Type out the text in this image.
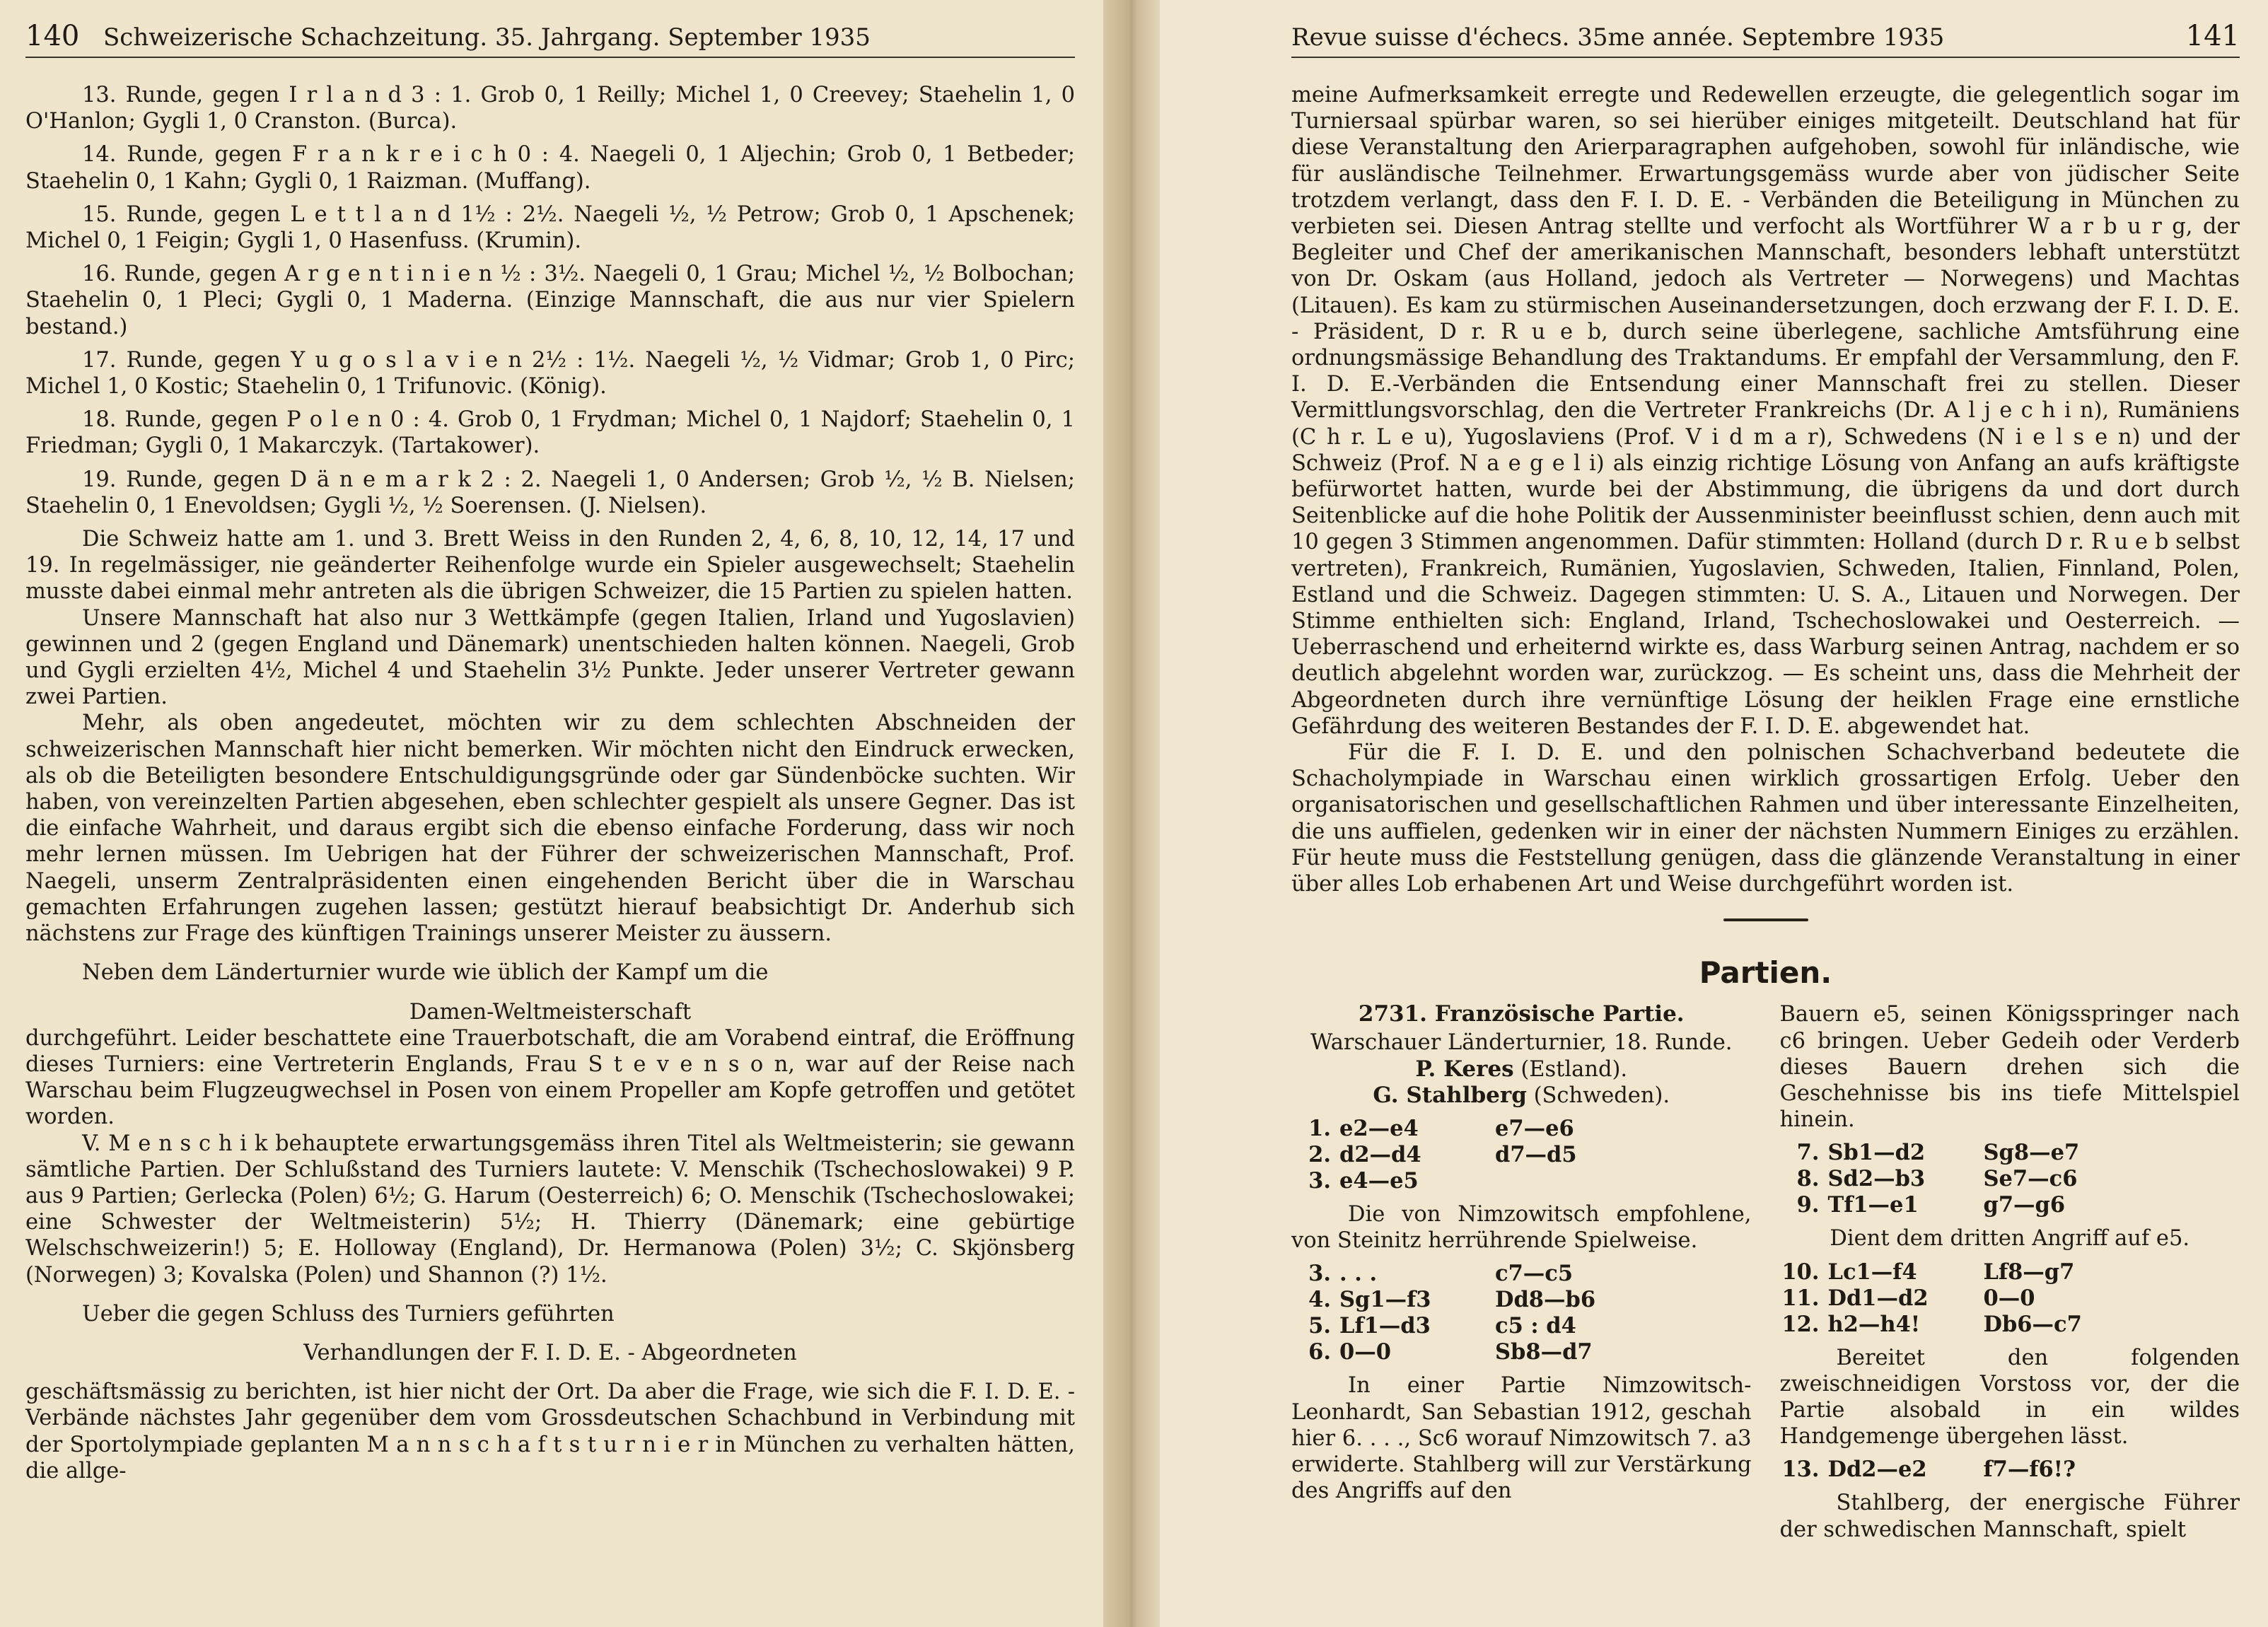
140 Schweizerische Schachzeitung. 35. Jahrgang. September 1935

13. Runde, gegen I r l a n d 3 : 1. Grob 0, 1 Reilly; Michel 1, 0 Creevey; Staehelin 1, 0 O'Hanlon; Gygli 1, 0 Cranston. (Burca).

14. Runde, gegen F r a n k r e i c h 0 : 4. Naegeli 0, 1 Aljechin; Grob 0, 1 Betbeder; Staehelin 0, 1 Kahn; Gygli 0, 1 Raizman. (Muffang).

15. Runde, gegen L e t t l a n d 1½ : 2½. Naegeli ½, ½ Petrow; Grob 0, 1 Apschenek; Michel 0, 1 Feigin; Gygli 1, 0 Hasenfuss. (Krumin).

16. Runde, gegen A r g e n t i n i e n ½ : 3½. Naegeli 0, 1 Grau; Michel ½, ½ Bolbochan; Staehelin 0, 1 Pleci; Gygli 0, 1 Maderna. (Einzige Mannschaft, die aus nur vier Spielern bestand.)

17. Runde, gegen Y u g o s l a v i e n 2½ : 1½. Naegeli ½, ½ Vidmar; Grob 1, 0 Pirc; Michel 1, 0 Kostic; Staehelin 0, 1 Trifunovic. (König).

18. Runde, gegen P o l e n 0 : 4. Grob 0, 1 Frydman; Michel 0, 1 Najdorf; Staehelin 0, 1 Friedman; Gygli 0, 1 Makarczyk. (Tartakower).

19. Runde, gegen D ä n e m a r k 2 : 2. Naegeli 1, 0 Andersen; Grob ½, ½ B. Nielsen; Staehelin 0, 1 Enevoldsen; Gygli ½, ½ Soerensen. (J. Nielsen).

Die Schweiz hatte am 1. und 3. Brett Weiss in den Runden 2, 4, 6, 8, 10, 12, 14, 17 und 19. In regelmässiger, nie geänderter Reihenfolge wurde ein Spieler ausgewechselt; Staehelin musste dabei einmal mehr antreten als die übrigen Schweizer, die 15 Partien zu spielen hatten.

Unsere Mannschaft hat also nur 3 Wettkämpfe (gegen Italien, Irland und Yugoslavien) gewinnen und 2 (gegen England und Dänemark) unentschieden halten können. Naegeli, Grob und Gygli erzielten 4½, Michel 4 und Staehelin 3½ Punkte. Jeder unserer Vertreter gewann zwei Partien.

Mehr, als oben angedeutet, möchten wir zu dem schlechten Abschneiden der schweizerischen Mannschaft hier nicht bemerken. Wir möchten nicht den Eindruck erwecken, als ob die Beteiligten besondere Entschuldigungsgründe oder gar Sündenböcke suchten. Wir haben, von vereinzelten Partien abgesehen, eben schlechter gespielt als unsere Gegner. Das ist die einfache Wahrheit, und daraus ergibt sich die ebenso einfache Forderung, dass wir noch mehr lernen müssen. Im Uebrigen hat der Führer der schweizerischen Mannschaft, Prof. Naegeli, unserm Zentralpräsidenten einen eingehenden Bericht über die in Warschau gemachten Erfahrungen zugehen lassen; gestützt hierauf beabsichtigt Dr. Anderhub sich nächstens zur Frage des künftigen Trainings unserer Meister zu äussern.

Neben dem Länderturnier wurde wie üblich der Kampf um die

Damen-Weltmeisterschaft

durchgeführt. Leider beschattete eine Trauerbotschaft, die am Vorabend eintraf, die Eröffnung dieses Turniers: eine Vertreterin Englands, Frau S t e v e n s o n, war auf der Reise nach Warschau beim Flugzeugwechsel in Posen von einem Propeller am Kopfe getroffen und getötet worden.

V. M e n s c h i k behauptete erwartungsgemäss ihren Titel als Weltmeisterin; sie gewann sämtliche Partien. Der Schlußstand des Turniers lautete: V. Menschik (Tschechoslowakei) 9 P. aus 9 Partien; Gerlecka (Polen) 6½; G. Harum (Oesterreich) 6; O. Menschik (Tschechoslowakei; eine Schwester der Weltmeisterin) 5½; H. Thierry (Dänemark; eine gebürtige Welschschweizerin!) 5; E. Holloway (England), Dr. Hermanowa (Polen) 3½; C. Skjönsberg (Norwegen) 3; Kovalska (Polen) und Shannon (?) 1½.

Ueber die gegen Schluss des Turniers geführten

Verhandlungen der F. I. D. E. - Abgeordneten

geschäftsmässig zu berichten, ist hier nicht der Ort. Da aber die Frage, wie sich die F. I. D. E. - Verbände nächstes Jahr gegenüber dem vom Grossdeutschen Schachbund in Verbindung mit der Sportolympiade geplanten M a n n s c h a f t s t u r n i e r in München zu verhalten hätten, die allge-

Revue suisse d'échecs. 35me année. Septembre 1935	141

meine Aufmerksamkeit erregte und Redewellen erzeugte, die gelegentlich sogar im Turniersaal spürbar waren, so sei hierüber einiges mitgeteilt. Deutschland hat für diese Veranstaltung den Arierparagraphen aufgehoben, sowohl für inländische, wie für ausländische Teilnehmer. Erwartungsgemäss wurde aber von jüdischer Seite trotzdem verlangt, dass den F. I. D. E. - Verbänden die Beteiligung in München zu verbieten sei. Diesen Antrag stellte und verfocht als Wortführer W a r b u r g, der Begleiter und Chef der amerikanischen Mannschaft, besonders lebhaft unterstützt von Dr. Oskam (aus Holland, jedoch als Vertreter — Norwegens) und Machtas (Litauen). Es kam zu stürmischen Auseinandersetzungen, doch erzwang der F. I. D. E. - Präsident, D r. R u e b, durch seine überlegene, sachliche Amtsführung eine ordnungsmässige Behandlung des Traktandums. Er empfahl der Versammlung, den F. I. D. E.-Verbänden die Entsendung einer Mannschaft frei zu stellen. Dieser Vermittlungsvorschlag, den die Vertreter Frankreichs (Dr. A l j e c h i n), Rumäniens (C h r. L e u), Yugoslaviens (Prof. V i d m a r), Schwedens (N i e l s e n) und der Schweiz (Prof. N a e g e l i) als einzig richtige Lösung von Anfang an aufs kräftigste befürwortet hatten, wurde bei der Abstimmung, die übrigens da und dort durch Seitenblicke auf die hohe Politik der Aussenminister beeinflusst schien, denn auch mit 10 gegen 3 Stimmen angenommen. Dafür stimmten: Holland (durch D r. R u e b selbst vertreten), Frankreich, Rumänien, Yugoslavien, Schweden, Italien, Finnland, Polen, Estland und die Schweiz. Dagegen stimmten: U. S. A., Litauen und Norwegen. Der Stimme enthielten sich: England, Irland, Tschechoslowakei und Oesterreich. — Ueberraschend und erheiternd wirkte es, dass Warburg seinen Antrag, nachdem er so deutlich abgelehnt worden war, zurückzog. — Es scheint uns, dass die Mehrheit der Abgeordneten durch ihre vernünftige Lösung der heiklen Frage eine ernstliche Gefährdung des weiteren Bestandes der F. I. D. E. abgewendet hat.

Für die F. I. D. E. und den polnischen Schachverband bedeutete die Schacholympiade in Warschau einen wirklich grossartigen Erfolg. Ueber den organisatorischen und gesellschaftlichen Rahmen und über interessante Einzelheiten, die uns auffielen, gedenken wir in einer der nächsten Nummern Einiges zu erzählen. Für heute muss die Feststellung genügen, dass die glänzende Veranstaltung in einer über alles Lob erhabenen Art und Weise durchgeführt worden ist.

Partien.
2731. Französische Partie.

Warschauer Länderturnier, 18. Runde.

P. Keres (Estland).

G. Stahlberg (Schweden).

1.	e2—e4	e7—e6
2.	d2—d4	d7—d5
3.	e4—e5	

Die von Nimzowitsch empfohlene, von Steinitz herrührende Spielweise.

3.	. . .	c7—c5
4.	Sg1—f3	Dd8—b6
5.	Lf1—d3	c5 : d4
6.	0—0	Sb8—d7

In einer Partie Nimzowitsch-Leonhardt, San Sebastian 1912, geschah hier 6. . . ., Sc6 worauf Nimzowitsch 7. a3 erwiderte. Stahlberg will zur Verstärkung des Angriffs auf den

Bauern e5, seinen Königsspringer nach c6 bringen. Ueber Gedeih oder Verderb dieses Bauern drehen sich die Geschehnisse bis ins tiefe Mittelspiel hinein.

7.	Sb1—d2	Sg8—e7
8.	Sd2—b3	Se7—c6
9.	Tf1—e1	g7—g6

Dient dem dritten Angriff auf e5.

10.	Lc1—f4	Lf8—g7
11.	Dd1—d2	0—0
12.	h2—h4!	Db6—c7

Bereitet den folgenden zweischneidigen Vorstoss vor, der die Partie alsobald in ein wildes Handgemenge übergehen lässt.

13.	Dd2—e2	f7—f6!?

Stahlberg, der energische Führer der schwedischen Mannschaft, spielt
